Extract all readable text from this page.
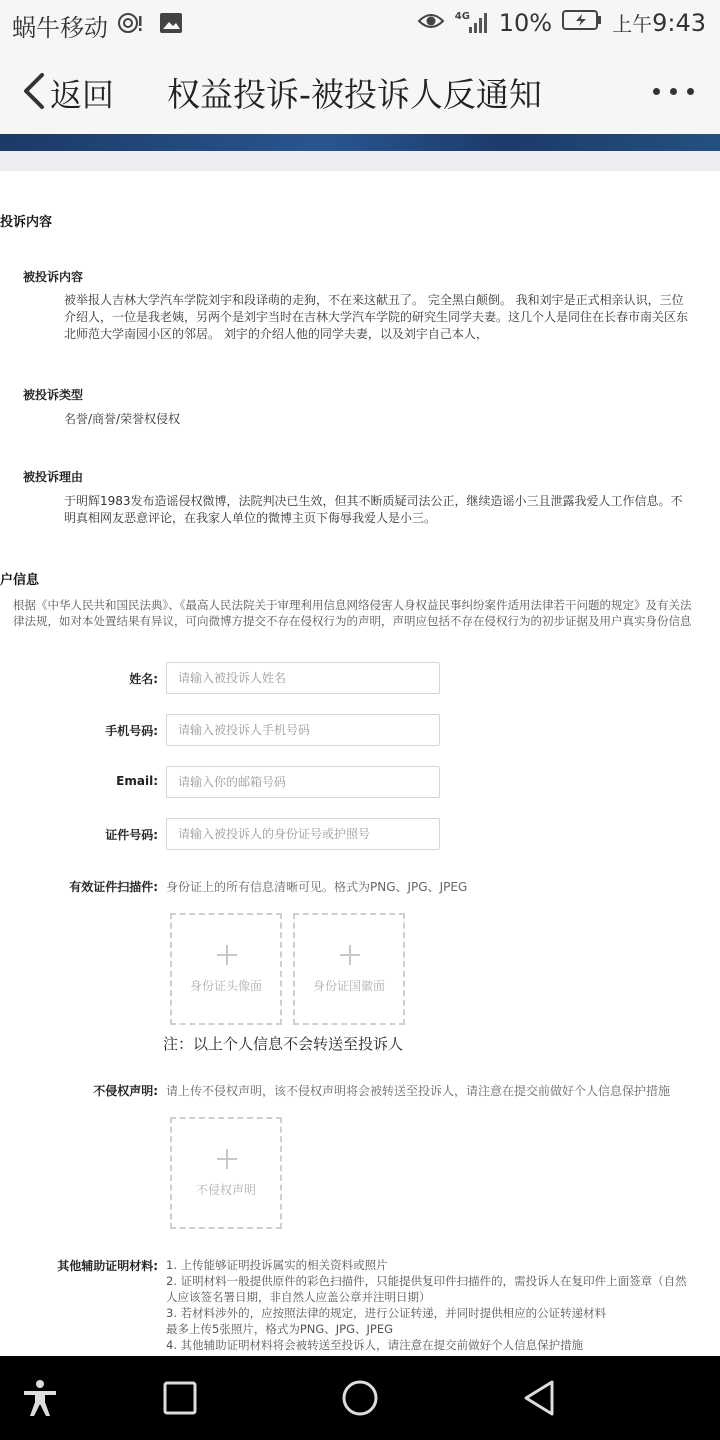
蜗牛移动	4G 10%	上午9:43
返回 权益投诉-被投诉人反通知
投诉内容
被投诉内容
被举报人吉林大学汽车学院刘宇和段译萌的走狗，不在来这献丑了。 完全黑白颠倒。 我和刘宇是正式相亲认识，三位介绍人，一位是我老姨，另两个是刘宇当时在吉林大学汽车学院的研究生同学夫妻。这几个人是同住在长春市南关区东北师范大学南园小区的邻居。 刘宇的介绍人他的同学夫妻，以及刘宇自己本人，
被投诉类型
名誉/商誉/荣誉权侵权
被投诉理由
于明辉1983发布造谣侵权微博，法院判决已生效，但其不断质疑司法公正，继续造谣小三且泄露我爱人工作信息。不明真相网友恶意评论，在我家人单位的微博主页下侮辱我爱人是小三。
户信息
根据《中华人民共和国民法典》、《最高人民法院关于审理利用信息网络侵害人身权益民事纠纷案件适用法律若干问题的规定》及有关法律法规，如对本处置结果有异议，可向微博方提交不存在侵权行为的声明，声明应包括不存在侵权行为的初步证据及用户真实身份信息
姓名:
请输入被投诉人姓名
手机号码:
请输入被投诉人手机号码
Email:
请输入你的邮箱号码
证件号码:
请输入被投诉人的身份证号或护照号
有效证件扫描件: 身份证上的所有信息清晰可见。格式为PNG、JPG、JPEG
身份证头像面	身份证国徽面
注：以上个人信息不会转送至投诉人
不侵权声明: 请上传不侵权声明，该不侵权声明将会被转送至投诉人，请注意在提交前做好个人信息保护措施
不侵权声明
其他辅助证明材料: 1. 上传能够证明投诉属实的相关资料或照片
2. 证明材料一般提供原件的彩色扫描件，只能提供复印件扫描件的，需投诉人在复印件上面签章（自然人应该签名署日期，非自然人应盖公章并注明日期）
3. 若材料涉外的，应按照法律的规定，进行公证转递，并同时提供相应的公证转递材料
最多上传5张照片，格式为PNG、JPG、JPEG
4. 其他辅助证明材料将会被转送至投诉人，请注意在提交前做好个人信息保护措施
